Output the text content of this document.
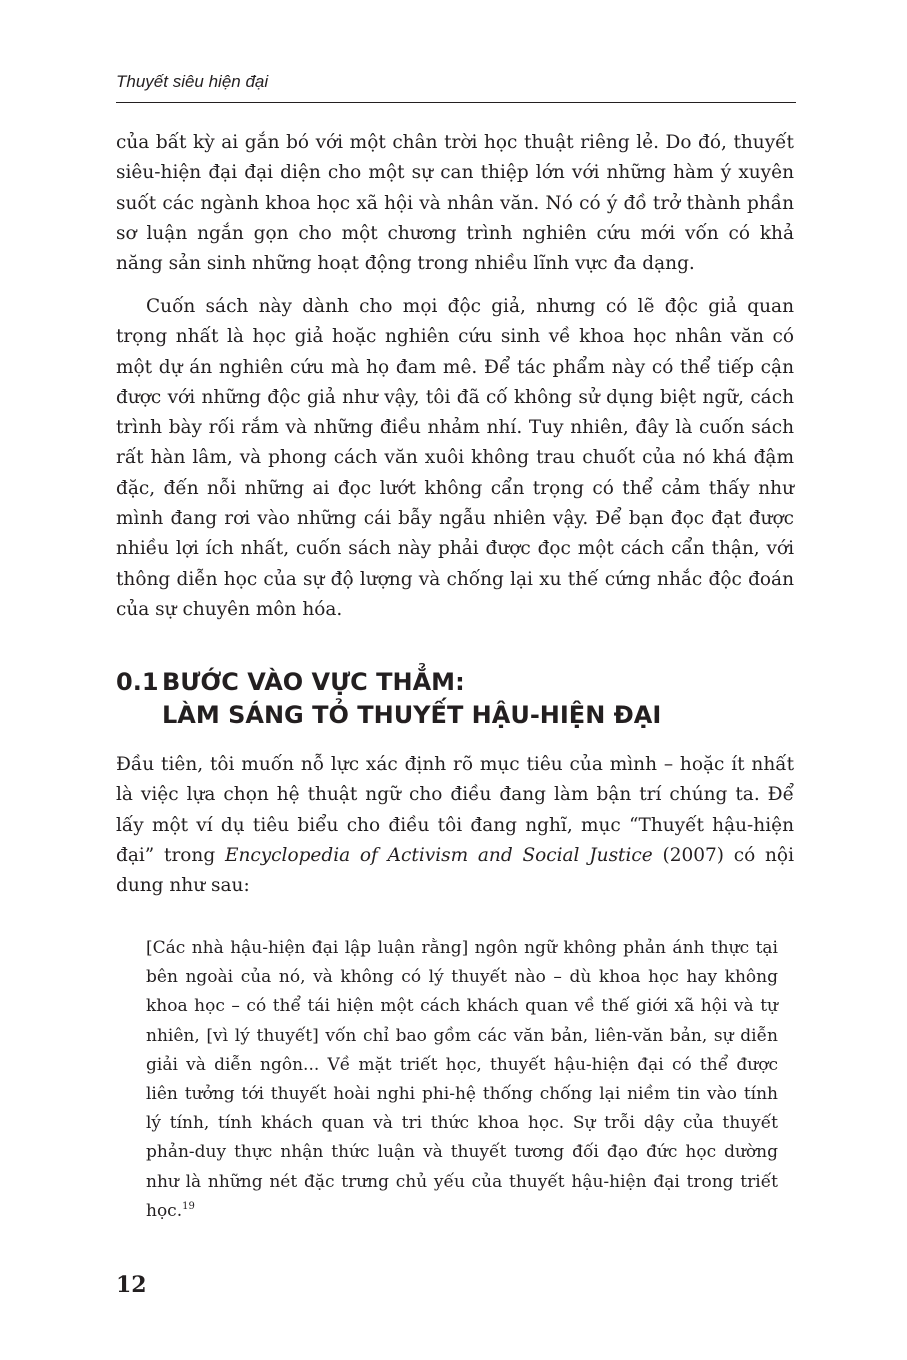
Thuyết siêu hiện đại

của bất kỳ ai gắn bó với một chân trời học thuật riêng lẻ. Do đó, thuyết siêu-hiện đại đại diện cho một sự can thiệp lớn với những hàm ý xuyên suốt các ngành khoa học xã hội và nhân văn. Nó có ý đồ trở thành phần sơ luận ngắn gọn cho một chương trình nghiên cứu mới vốn có khả năng sản sinh những hoạt động trong nhiều lĩnh vực đa dạng.

Cuốn sách này dành cho mọi độc giả, nhưng có lẽ độc giả quan trọng nhất là học giả hoặc nghiên cứu sinh về khoa học nhân văn có một dự án nghiên cứu mà họ đam mê. Để tác phẩm này có thể tiếp cận được với những độc giả như vậy, tôi đã cố không sử dụng biệt ngữ, cách trình bày rối rắm và những điều nhảm nhí. Tuy nhiên, đây là cuốn sách rất hàn lâm, và phong cách văn xuôi không trau chuốt của nó khá đậm đặc, đến nỗi những ai đọc lướt không cẩn trọng có thể cảm thấy như mình đang rơi vào những cái bẫy ngẫu nhiên vậy. Để bạn đọc đạt được nhiều lợi ích nhất, cuốn sách này phải được đọc một cách cẩn thận, với thông diễn học của sự độ lượng và chống lại xu thế cứng nhắc độc đoán của sự chuyên môn hóa.

0.1 BƯỚC VÀO VỰC THẲM:
LÀM SÁNG TỎ THUYẾT HẬU-HIỆN ĐẠI

Đầu tiên, tôi muốn nỗ lực xác định rõ mục tiêu của mình – hoặc ít nhất là việc lựa chọn hệ thuật ngữ cho điều đang làm bận trí chúng ta. Để lấy một ví dụ tiêu biểu cho điều tôi đang nghĩ, mục “Thuyết hậu-hiện đại” trong Encyclopedia of Activism and Social Justice (2007) có nội dung như sau:

[Các nhà hậu-hiện đại lập luận rằng] ngôn ngữ không phản ánh thực tại bên ngoài của nó, và không có lý thuyết nào – dù khoa học hay không khoa học – có thể tái hiện một cách khách quan về thế giới xã hội và tự nhiên, [vì lý thuyết] vốn chỉ bao gồm các văn bản, liên-văn bản, sự diễn giải và diễn ngôn... Về mặt triết học, thuyết hậu-hiện đại có thể được liên tưởng tới thuyết hoài nghi phi-hệ thống chống lại niềm tin vào tính lý tính, tính khách quan và tri thức khoa học. Sự trỗi dậy của thuyết phản-duy thực nhận thức luận và thuyết tương đối đạo đức học dường như là những nét đặc trưng chủ yếu của thuyết hậu-hiện đại trong triết học.$^{19}$

12
